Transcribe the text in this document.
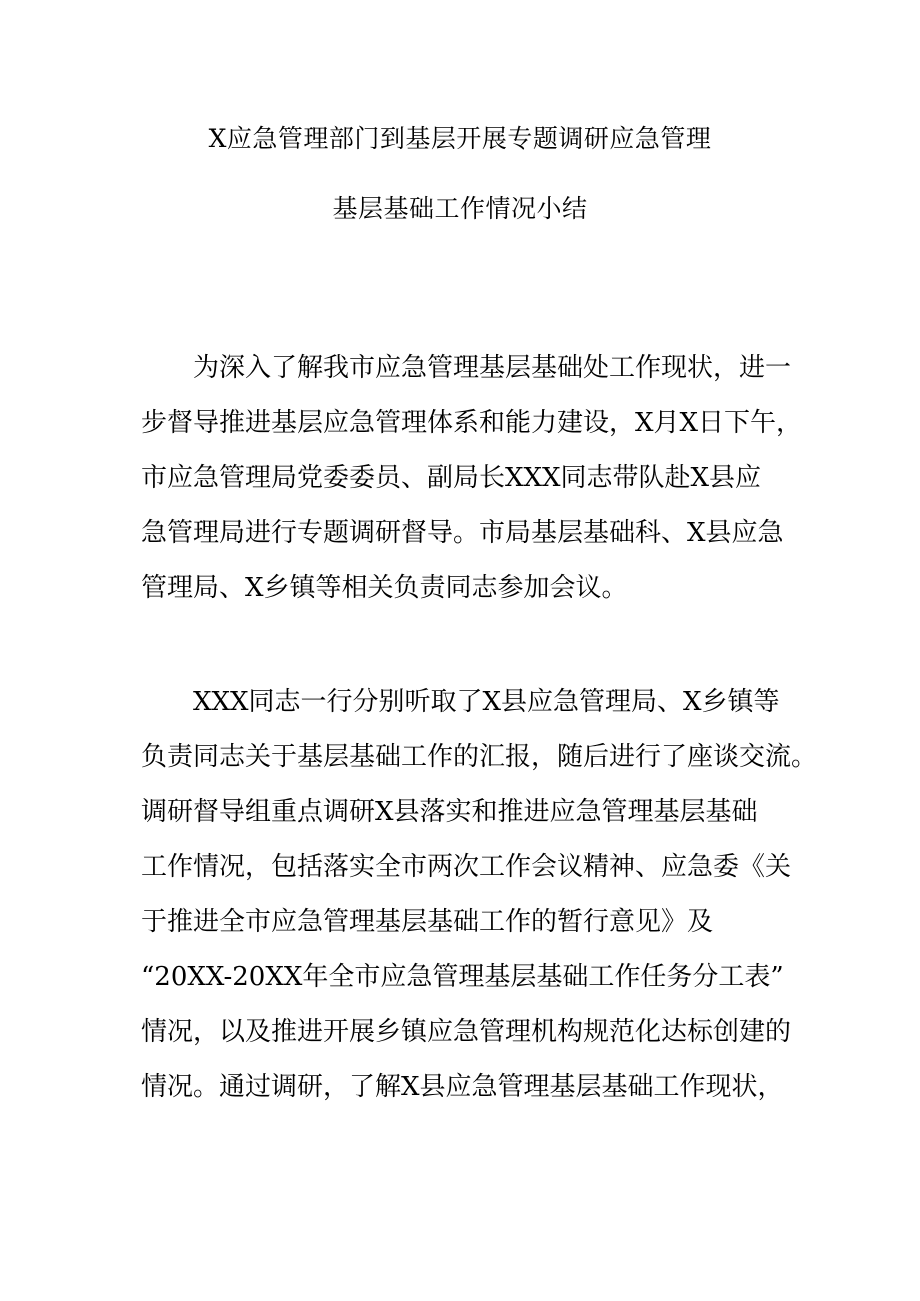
X应急管理部门到基层开展专题调研应急管理
基层基础工作情况小结
为深入了解我市应急管理基层基础处工作现状，进一
步督导推进基层应急管理体系和能力建设，X月X日下午，
市应急管理局党委委员、副局长XXX同志带队赴X县应
急管理局进行专题调研督导。市局基层基础科、X县应急
管理局、X乡镇等相关负责同志参加会议。
XXX同志一行分别听取了X县应急管理局、X乡镇等
负责同志关于基层基础工作的汇报，随后进行了座谈交流。
调研督导组重点调研X县落实和推进应急管理基层基础
工作情况，包括落实全市两次工作会议精神、应急委《关
于推进全市应急管理基层基础工作的暂行意见》及
“20XX-20XX年全市应急管理基层基础工作任务分工表”
情况，以及推进开展乡镇应急管理机构规范化达标创建的
情况。通过调研，了解X县应急管理基层基础工作现状，
